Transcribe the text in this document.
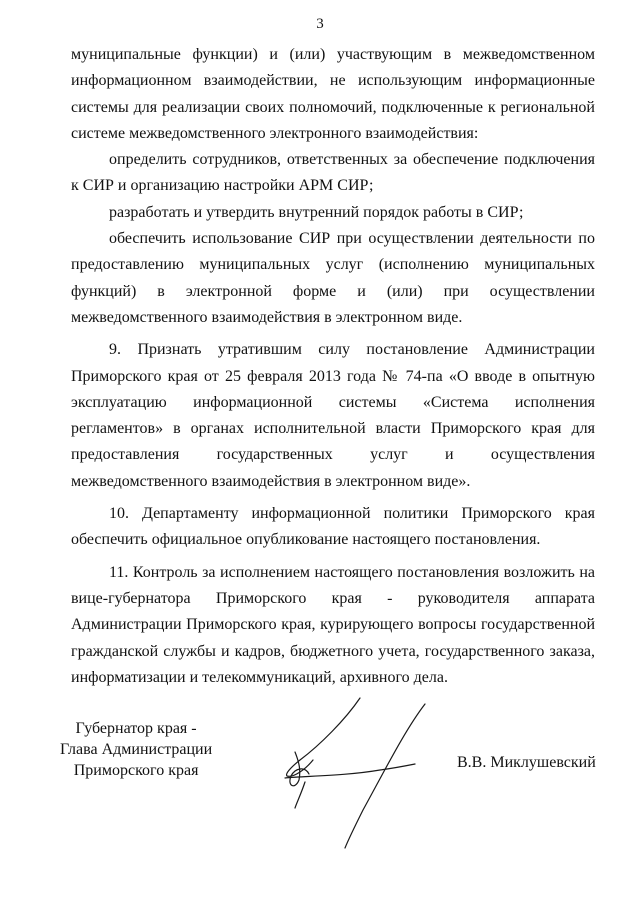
3

муниципальные функции) и (или) участвующим в межведомственном информационном взаимодействии, не использующим информационные системы для реализации своих полномочий, подключенные к региональной системе межведомственного электронного взаимодействия:

определить сотрудников, ответственных за обеспечение подключения к СИР и организацию настройки АРМ СИР;

разработать и утвердить внутренний порядок работы в СИР;

обеспечить использование СИР при осуществлении деятельности по предоставлению муниципальных услуг (исполнению муниципальных функций) в электронной форме и (или) при осуществлении межведомственного взаимодействия в электронном виде.

9. Признать утратившим силу постановление Администрации Приморского края от 25 февраля 2013 года № 74-па «О вводе в опытную эксплуатацию информационной системы «Система исполнения регламентов» в органах исполнительной власти Приморского края для предоставления государственных услуг и осуществления межведомственного взаимодействия в электронном виде».

10. Департаменту информационной политики Приморского края обеспечить официальное опубликование настоящего постановления.

11. Контроль за исполнением настоящего постановления возложить на вице-губернатора Приморского края - руководителя аппарата Администрации Приморского края, курирующего вопросы государственной гражданской службы и кадров, бюджетного учета, государственного заказа, информатизации и телекоммуникаций, архивного дела.

Губернатор края -
Глава Администрации
Приморского края	В.В. Миклушевский
